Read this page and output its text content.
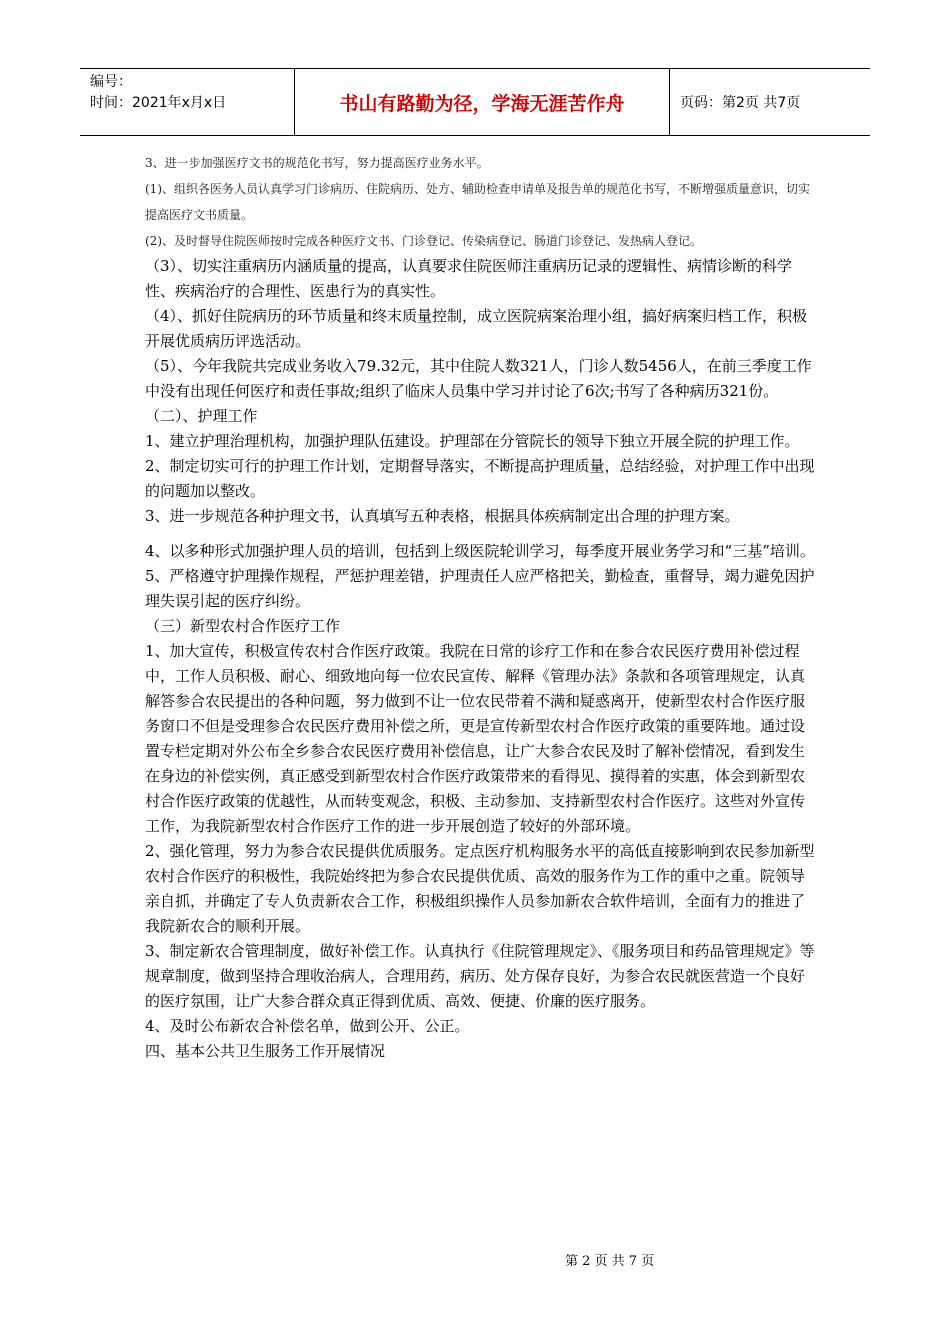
编号：
时间：2021年x月x日	书山有路勤为径，学海无涯苦作舟	页码：第2页 共7页

3、进一步加强医疗文书的规范化书写，努力提高医疗业务水平。

(1)、组织各医务人员认真学习门诊病历、住院病历、处方、辅助检查申请单及报告单的规范化书写，不断增强质量意识，切实提高医疗文书质量。

(2)、及时督导住院医师按时完成各种医疗文书、门诊登记、传染病登记、肠道门诊登记、发热病人登记。

（3）、切实注重病历内涵质量的提高，认真要求住院医师注重病历记录的逻辑性、病情诊断的科学性、疾病治疗的合理性、医患行为的真实性。

（4）、抓好住院病历的环节质量和终末质量控制，成立医院病案治理小组，搞好病案归档工作，积极开展优质病历评选活动。

（5）、今年我院共完成业务收入79.32元，其中住院人数321人，门诊人数5456人，在前三季度工作中没有出现任何医疗和责任事故;组织了临床人员集中学习并讨论了6次;书写了各种病历321份。

（二）、护理工作

1、建立护理治理机构，加强护理队伍建设。护理部在分管院长的领导下独立开展全院的护理工作。

2、制定切实可行的护理工作计划，定期督导落实，不断提高护理质量，总结经验，对护理工作中出现的问题加以整改。

3、进一步规范各种护理文书，认真填写五种表格，根据具体疾病制定出合理的护理方案。

4、以多种形式加强护理人员的培训，包括到上级医院轮训学习，每季度开展业务学习和“三基”培训。

5、严格遵守护理操作规程，严惩护理差错，护理责任人应严格把关，勤检查，重督导，竭力避免因护理失误引起的医疗纠纷。

（三）新型农村合作医疗工作

1、加大宣传，积极宣传农村合作医疗政策。我院在日常的诊疗工作和在参合农民医疗费用补偿过程中，工作人员积极、耐心、细致地向每一位农民宣传、解释《管理办法》条款和各项管理规定，认真解答参合农民提出的各种问题，努力做到不让一位农民带着不满和疑惑离开，使新型农村合作医疗服务窗口不但是受理参合农民医疗费用补偿之所，更是宣传新型农村合作医疗政策的重要阵地。通过设置专栏定期对外公布全乡参合农民医疗费用补偿信息，让广大参合农民及时了解补偿情况，看到发生在身边的补偿实例，真正感受到新型农村合作医疗政策带来的看得见、摸得着的实惠，体会到新型农村合作医疗政策的优越性，从而转变观念，积极、主动参加、支持新型农村合作医疗。这些对外宣传工作，为我院新型农村合作医疗工作的进一步开展创造了较好的外部环境。

2、强化管理，努力为参合农民提供优质服务。定点医疗机构服务水平的高低直接影响到农民参加新型农村合作医疗的积极性，我院始终把为参合农民提供优质、高效的服务作为工作的重中之重。院领导亲自抓，并确定了专人负责新农合工作，积极组织操作人员参加新农合软件培训，全面有力的推进了我院新农合的顺利开展。

3、制定新农合管理制度，做好补偿工作。认真执行《住院管理规定》、《服务项目和药品管理规定》等规章制度，做到坚持合理收治病人，合理用药，病历、处方保存良好，为参合农民就医营造一个良好的医疗氛围，让广大参合群众真正得到优质、高效、便捷、价廉的医疗服务。

4、及时公布新农合补偿名单，做到公开、公正。

四、基本公共卫生服务工作开展情况

第 2 页 共 7 页
